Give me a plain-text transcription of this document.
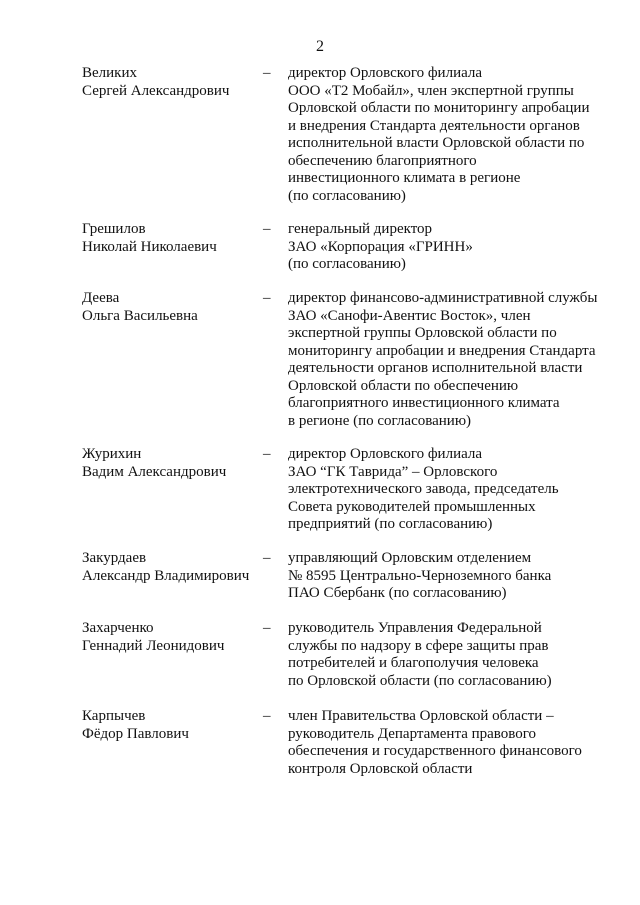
2
Великих
Сергей Александрович
– директор Орловского филиала
ООО «Т2 Мобайл», член экспертной группы
Орловской области по мониторингу апробации
и внедрения Стандарта деятельности органов
исполнительной власти Орловской области по
обеспечению благоприятного
инвестиционного климата в регионе
(по согласованию)
Грешилов
Николай Николаевич
– генеральный директор
ЗАО «Корпорация «ГРИНН»
(по согласованию)
Деева
Ольга Васильевна
– директор финансово-административной службы
ЗАО «Санофи-Авентис Восток», член
экспертной группы Орловской области по
мониторингу апробации и внедрения Стандарта
деятельности органов исполнительной власти
Орловской области по обеспечению
благоприятного инвестиционного климата
в регионе (по согласованию)
Журихин
Вадим Александрович
– директор Орловского филиала
ЗАО “ГК Таврида” – Орловского
электротехнического завода, председатель
Совета руководителей промышленных
предприятий (по согласованию)
Закурдаев
Александр Владимирович
– управляющий Орловским отделением
№ 8595 Центрально-Черноземного банка
ПАО Сбербанк (по согласованию)
Захарченко
Геннадий Леонидович
– руководитель Управления Федеральной
службы по надзору в сфере защиты прав
потребителей и благополучия человека
по Орловской области (по согласованию)
Карпычев
Фёдор Павлович
– член Правительства Орловской области –
руководитель Департамента правового
обеспечения и государственного финансового
контроля Орловской области
